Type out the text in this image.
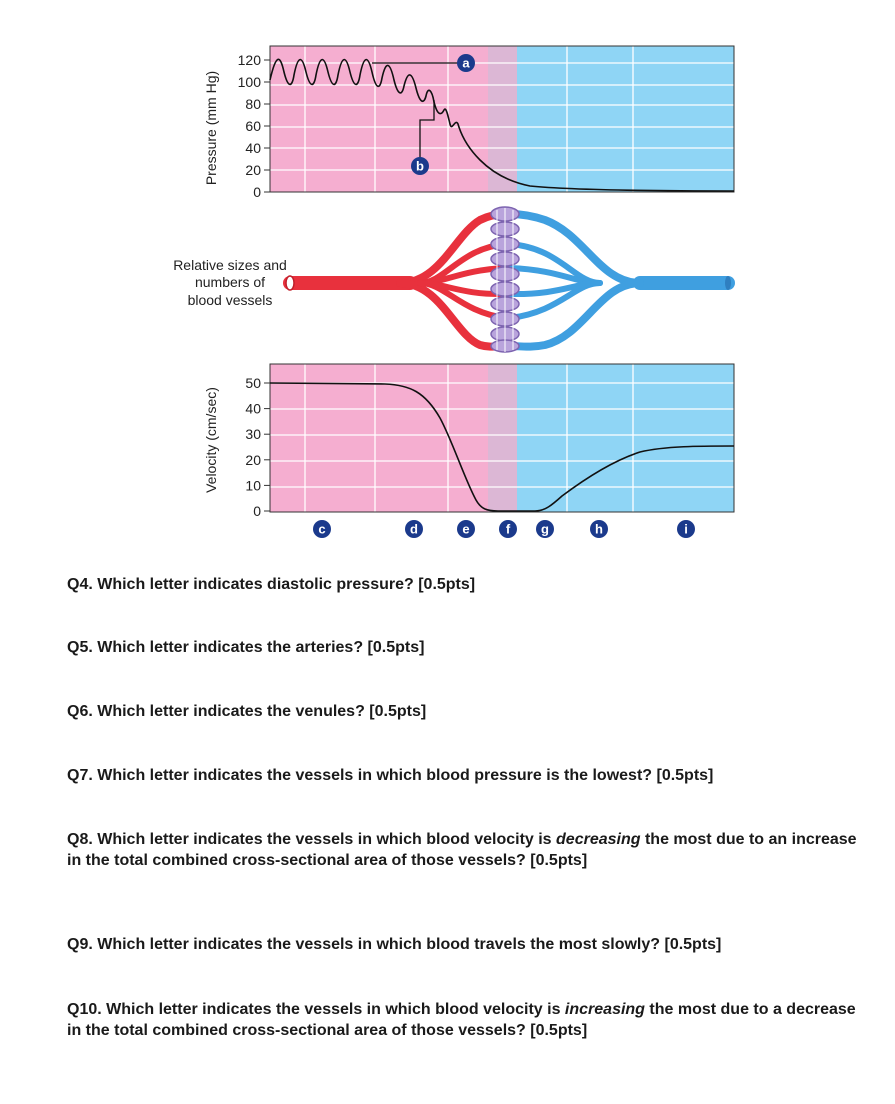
120
100
80
60
40
20
0
Pressure (mm Hg)
a
b
Relative sizes and
numbers of
blood vessels
50
40
30
20
10
0
Velocity (cm/sec)
c	d	e	f g	h	i
Q4. Which letter indicates diastolic pressure? [0.5pts]
Q5. Which letter indicates the arteries? [0.5pts]
Q6. Which letter indicates the venules? [0.5pts]
Q7. Which letter indicates the vessels in which blood pressure is the lowest? [0.5pts]
Q8. Which letter indicates the vessels in which blood velocity is decreasing the most due to an increase in the total combined cross-sectional area of those vessels? [0.5pts]
Q9. Which letter indicates the vessels in which blood travels the most slowly? [0.5pts]
Q10. Which letter indicates the vessels in which blood velocity is increasing the most due to a decrease in the total combined cross-sectional area of those vessels? [0.5pts]
